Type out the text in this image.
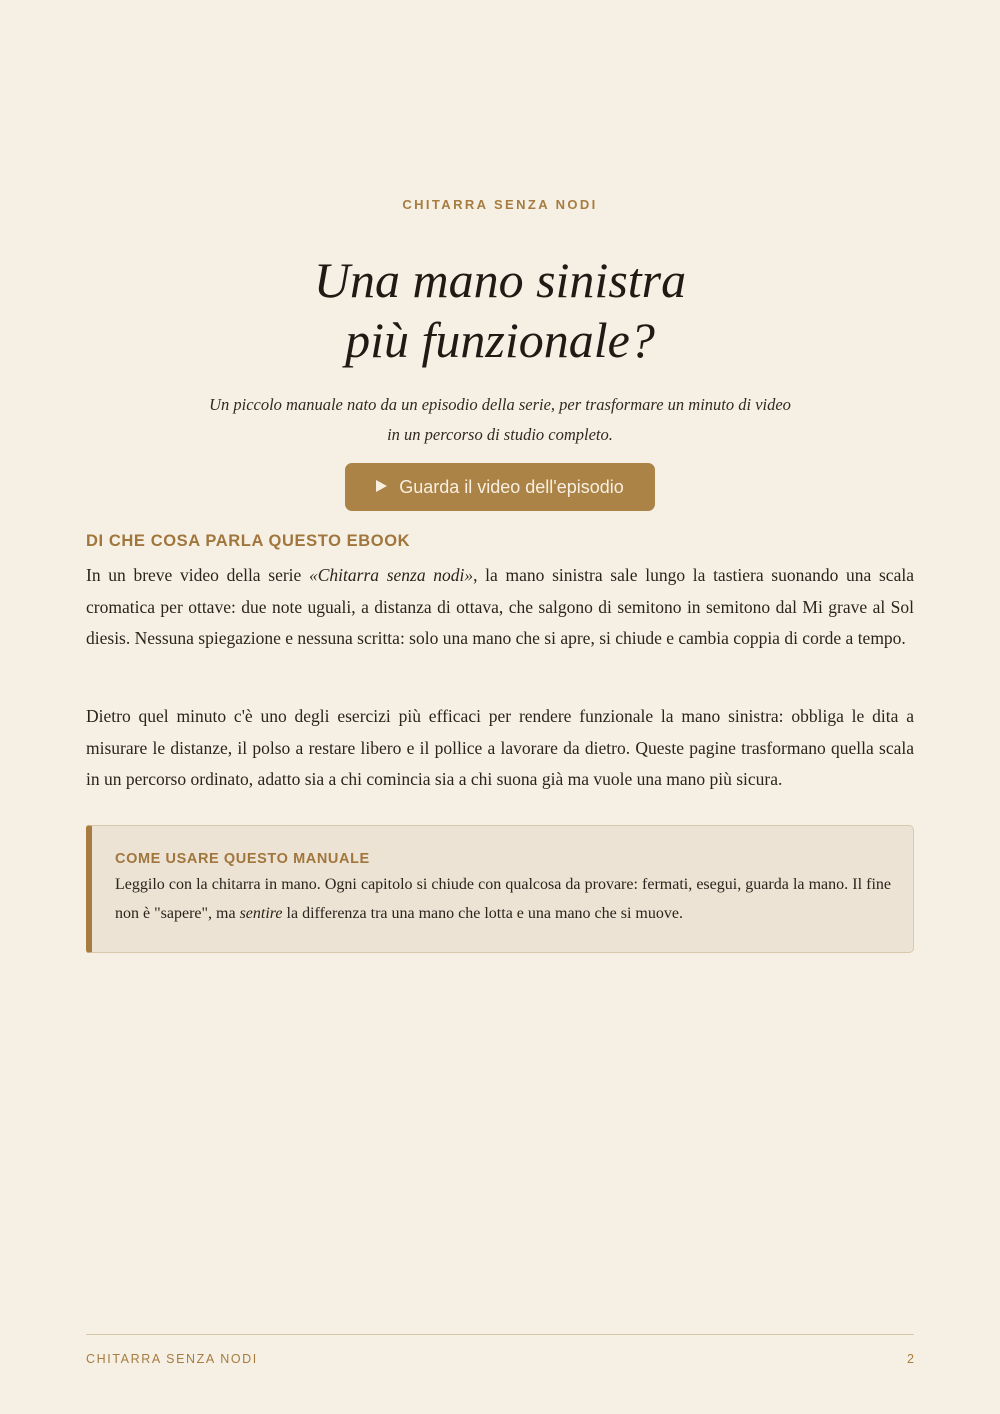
CHITARRA SENZA NODI
Una mano sinistra
più funzionale?
Un piccolo manuale nato da un episodio della serie, per trasformare un minuto di video
in un percorso di studio completo.
Guarda il video dell'episodio
DI CHE COSA PARLA QUESTO EBOOK

In un breve video della serie «Chitarra senza nodi», la mano sinistra sale lungo la tastiera suonando una scala cromatica per ottave: due note uguali, a distanza di ottava, che salgono di semitono in semitono dal Mi grave al Sol diesis. Nessuna spiegazione e nessuna scritta: solo una mano che si apre, si chiude e cambia coppia di corde a tempo.

Dietro quel minuto c'è uno degli esercizi più efficaci per rendere funzionale la mano sinistra: obbliga le dita a misurare le distanze, il polso a restare libero e il pollice a lavorare da dietro. Queste pagine trasformano quella scala in un percorso ordinato, adatto sia a chi comincia sia a chi suona già ma vuole una mano più sicura.

COME USARE QUESTO MANUALE
Leggilo con la chitarra in mano. Ogni capitolo si chiude con qualcosa da provare: fermati, esegui, guarda la mano. Il fine non è "sapere", ma sentire la differenza tra una mano che lotta e una mano che si muove.
CHITARRA SENZA NODI	2
